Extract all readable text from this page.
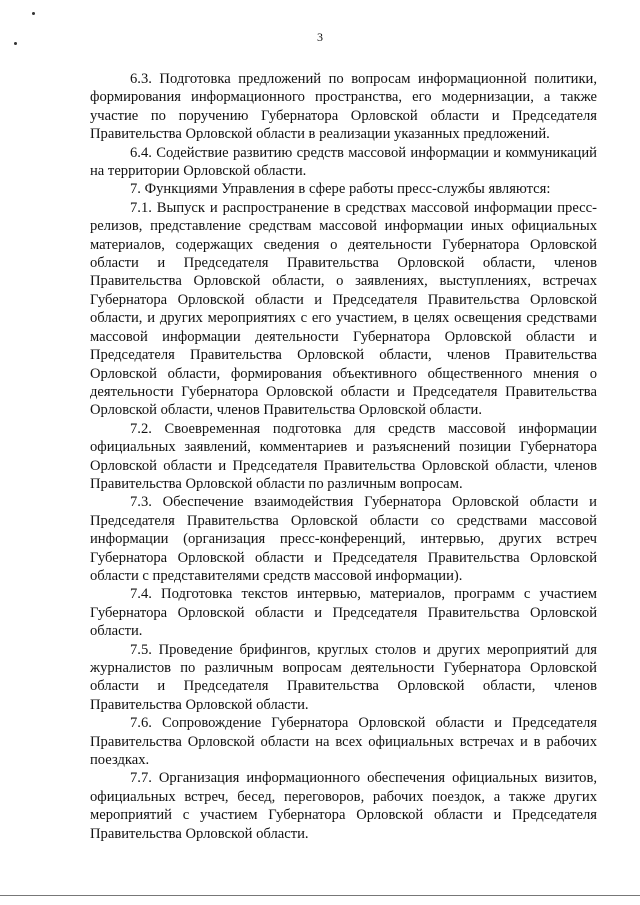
3

6.3. Подготовка предложений по вопросам информационной политики, формирования информационного пространства, его модернизации, а также участие по поручению Губернатора Орловской области и Председателя Правительства Орловской области в реализации указанных предложений.

6.4. Содействие развитию средств массовой информации и коммуникаций на территории Орловской области.

7. Функциями Управления в сфере работы пресс-службы являются:

7.1. Выпуск и распространение в средствах массовой информации пресс-релизов, представление средствам массовой информации иных официальных материалов, содержащих сведения о деятельности Губернатора Орловской области и Председателя Правительства Орловской области, членов Правительства Орловской области, о заявлениях, выступлениях, встречах Губернатора Орловской области и Председателя Правительства Орловской области, и других мероприятиях с его участием, в целях освещения средствами массовой информации деятельности Губернатора Орловской области и Председателя Правительства Орловской области, членов Правительства Орловской области, формирования объективного общественного мнения о деятельности Губернатора Орловской области и Председателя Правительства Орловской области, членов Правительства Орловской области.

7.2. Своевременная подготовка для средств массовой информации официальных заявлений, комментариев и разъяснений позиции Губернатора Орловской области и Председателя Правительства Орловской области, членов Правительства Орловской области по различным вопросам.

7.3. Обеспечение взаимодействия Губернатора Орловской области и Председателя Правительства Орловской области со средствами массовой информации (организация пресс-конференций, интервью, других встреч Губернатора Орловской области и Председателя Правительства Орловской области с представителями средств массовой информации).

7.4. Подготовка текстов интервью, материалов, программ с участием Губернатора Орловской области и Председателя Правительства Орловской области.

7.5. Проведение брифингов, круглых столов и других мероприятий для журналистов по различным вопросам деятельности Губернатора Орловской области и Председателя Правительства Орловской области, членов Правительства Орловской области.

7.6. Сопровождение Губернатора Орловской области и Председателя Правительства Орловской области на всех официальных встречах и в рабочих поездках.

7.7. Организация информационного обеспечения официальных визитов, официальных встреч, бесед, переговоров, рабочих поездок, а также других мероприятий с участием Губернатора Орловской области и Председателя Правительства Орловской области.
